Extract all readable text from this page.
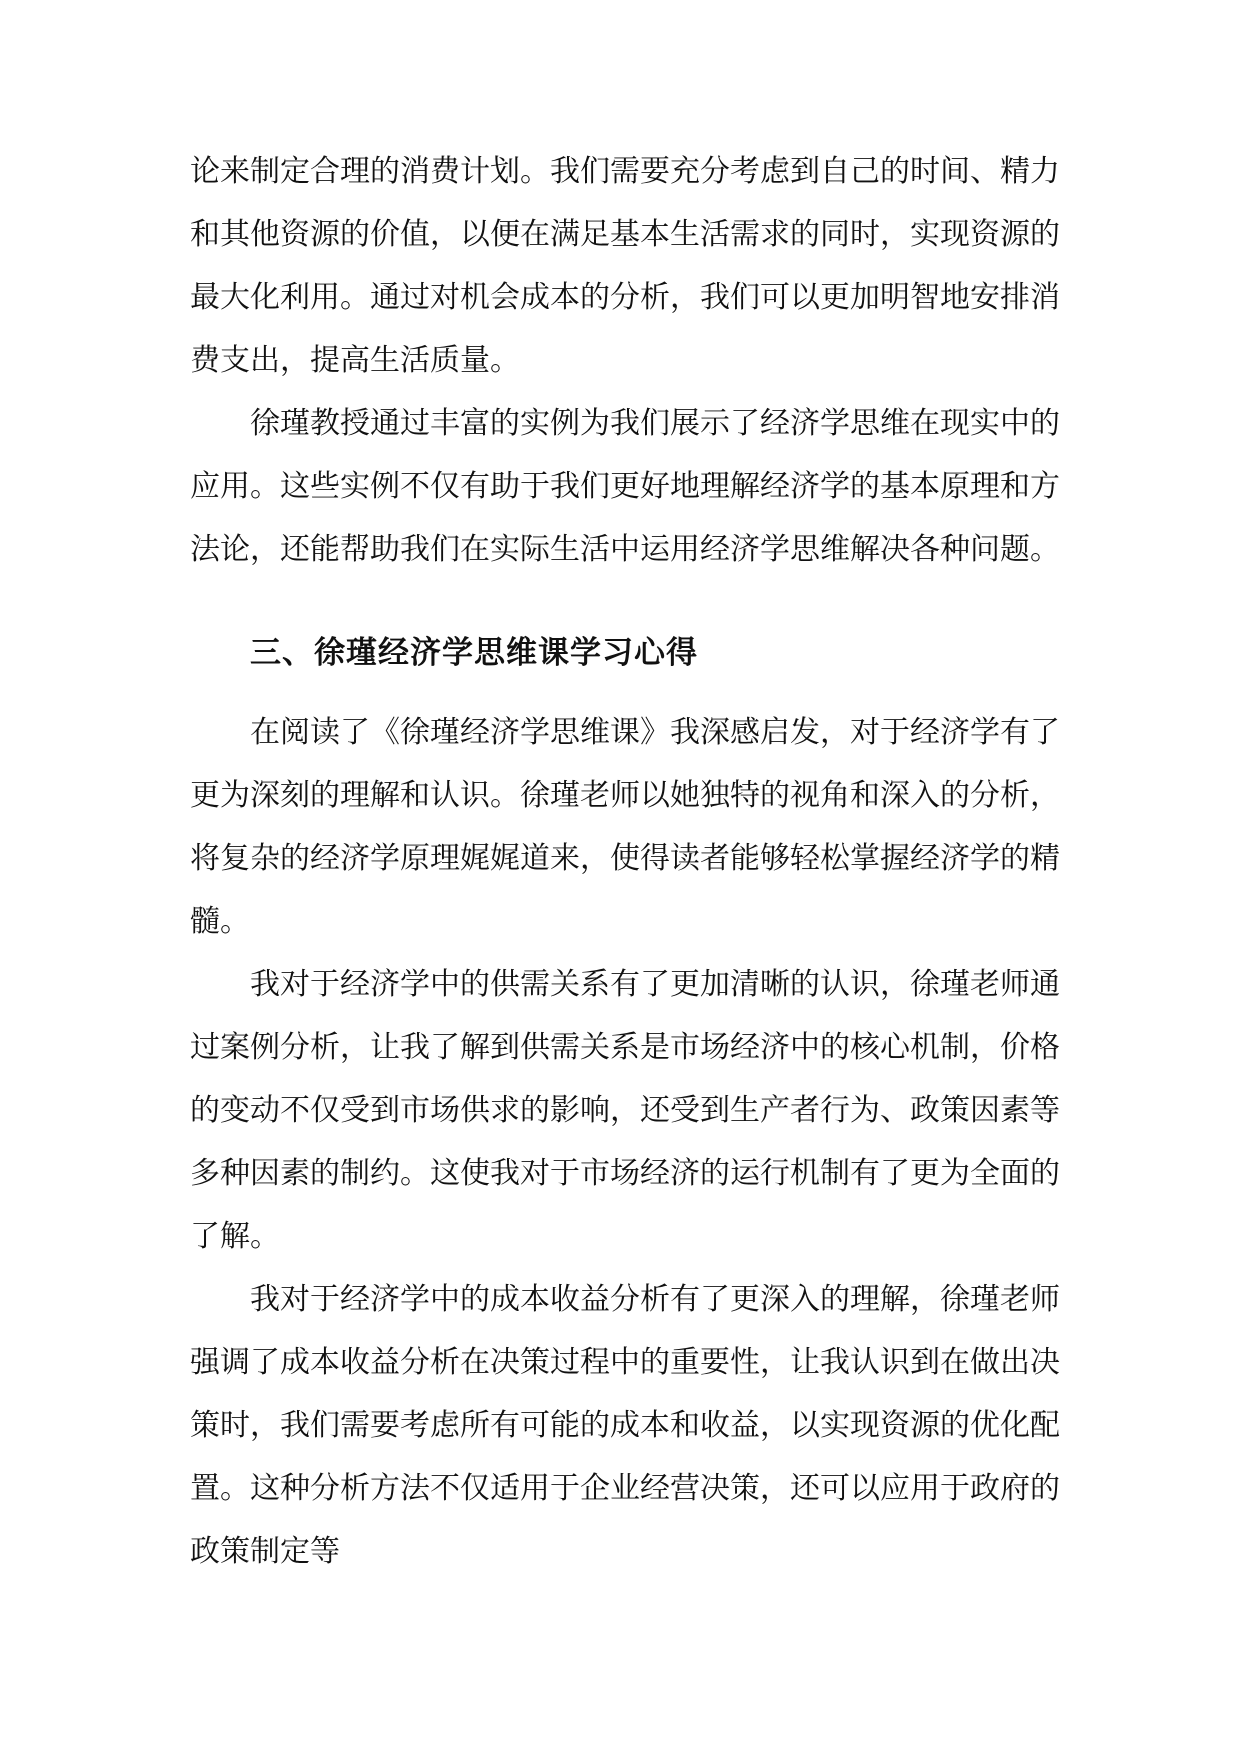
论来制定合理的消费计划。我们需要充分考虑到自己的时间、精力和其他资源的价值，以便在满足基本生活需求的同时，实现资源的最大化利用。通过对机会成本的分析，我们可以更加明智地安排消费支出，提高生活质量。

徐瑾教授通过丰富的实例为我们展示了经济学思维在现实中的应用。这些实例不仅有助于我们更好地理解经济学的基本原理和方法论，还能帮助我们在实际生活中运用经济学思维解决各种问题。

三、徐瑾经济学思维课学习心得

在阅读了《徐瑾经济学思维课》我深感启发，对于经济学有了更为深刻的理解和认识。徐瑾老师以她独特的视角和深入的分析，将复杂的经济学原理娓娓道来，使得读者能够轻松掌握经济学的精髓。

我对于经济学中的供需关系有了更加清晰的认识，徐瑾老师通过案例分析，让我了解到供需关系是市场经济中的核心机制，价格的变动不仅受到市场供求的影响，还受到生产者行为、政策因素等多种因素的制约。这使我对于市场经济的运行机制有了更为全面的了解。

我对于经济学中的成本收益分析有了更深入的理解，徐瑾老师强调了成本收益分析在决策过程中的重要性，让我认识到在做出决策时，我们需要考虑所有可能的成本和收益，以实现资源的优化配置。这种分析方法不仅适用于企业经营决策，还可以应用于政府的政策制定等
